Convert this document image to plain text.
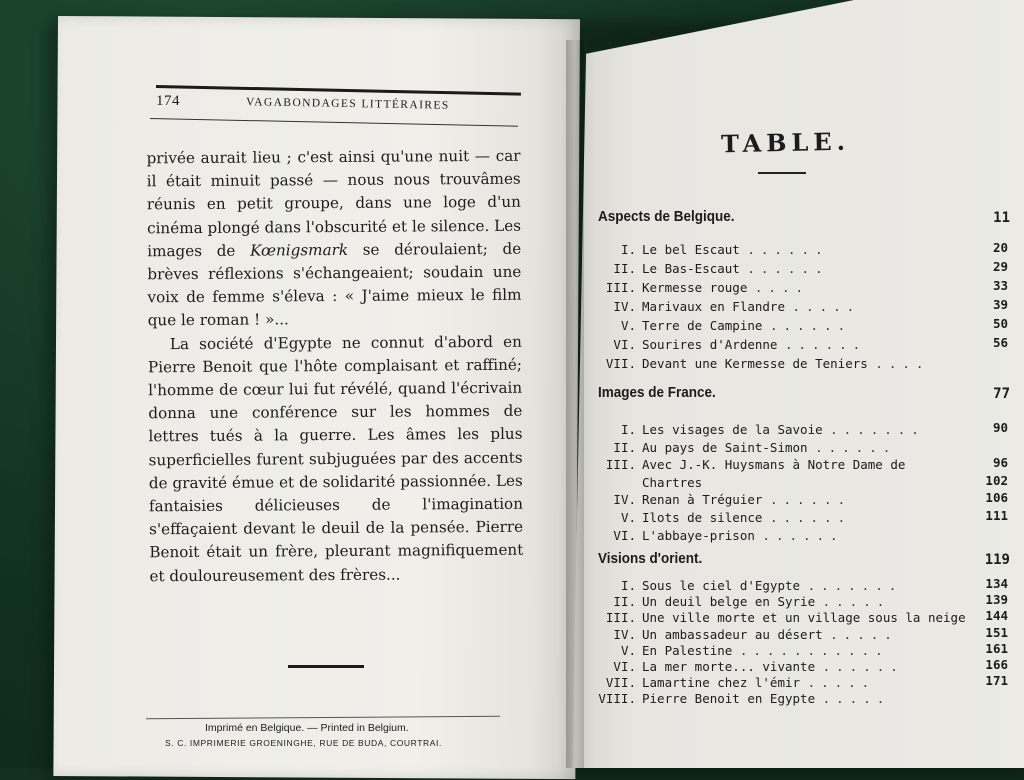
174	VAGABONDAGES LITTÉRAIRES

privée aurait lieu ; c'est ainsi qu'une nuit — car il était minuit passé — nous nous trouvâmes réunis en petit groupe, dans une loge d'un cinéma plongé dans l'obscurité et le silence. Les images de Kœnigsmark se déroulaient; de brèves réflexions s'échangeaient; soudain une voix de femme s'éleva : « J'aime mieux le film que le roman ! »...

La société d'Egypte ne connut d'abord en Pierre Benoit que l'hôte complaisant et raffiné; l'homme de cœur lui fut révélé, quand l'écrivain donna une conférence sur les hommes de lettres tués à la guerre. Les âmes les plus superficielles furent subjuguées par des accents de gravité émue et de solidarité passionnée. Les fantaisies délicieuses de l'imagination s'effaçaient devant le deuil de la pensée. Pierre Benoit était un frère, pleurant magnifiquement et douloureusement des frères...

Imprimé en Belgique. — Printed in Belgium.
S. C. IMPRIMERIE GROENINGHE, RUE DE BUDA, COURTRAI.
TABLE.
Aspects de Belgique.	11
I. Le bel Escaut ......	20
II. Le Bas-Escaut ......	29
III. Kermesse rouge ....	33
IV. Marivaux en Flandre .....	39
V. Terre de Campine ......	50
VI. Sourires d'Ardenne ......	56
VII. Devant une Kermesse de Teniers ....
Images de France.	77
I. Les visages de la Savoie .......	90
II. Au pays de Saint-Simon ......
III. Avec J.-K. Huysmans à Notre Dame de	96
Chartres	102
IV. Renan à Tréguier ......	106
V. Ilots de silence ......	111
VI. L'abbaye-prison ......
Visions d'orient.	119
I. Sous le ciel d'Egypte .......	134
II. Un deuil belge en Syrie .....	139
III. Une ville morte et un village sous la neige 144
IV. Un ambassadeur au désert .....	151
V. En Palestine ...........	161
VI. La mer morte... vivante ......	166
VII. Lamartine chez l'émir .....	171
VIII. Pierre Benoit en Egypte .....
